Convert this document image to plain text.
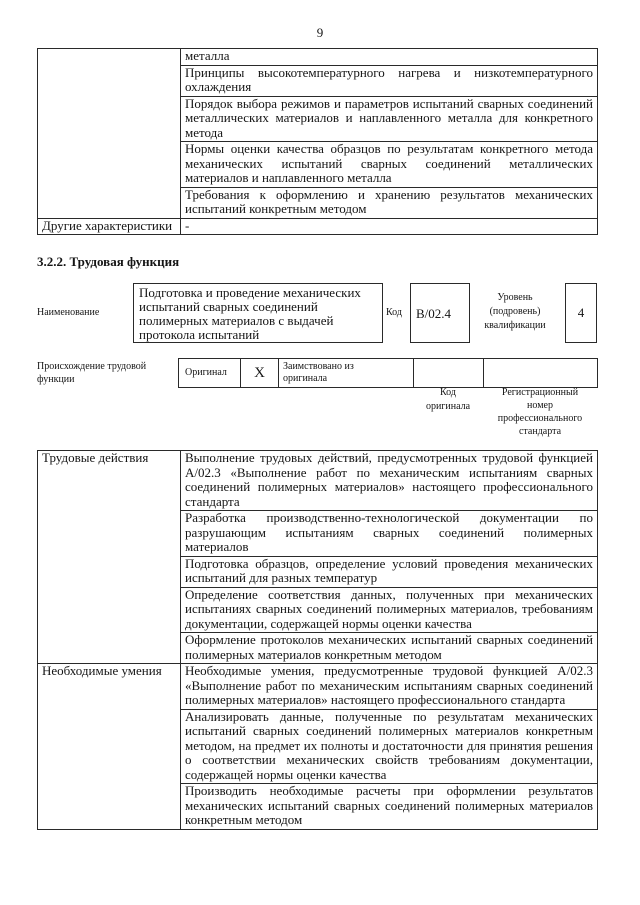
9
	металла
	Принципы высокотемпературного нагрева и низкотемпературного охлаждения
	Порядок выбора режимов и параметров испытаний сварных соединений металлических материалов и наплавленного металла для конкретного метода
	Нормы оценки качества образцов по результатам конкретного метода механических испытаний сварных соединений металлических материалов и наплавленного металла
	Требования к оформлению и хранению результатов механических испытаний конкретным методом
Другие характеристики	-
3.2.2. Трудовая функция
Наименование
Подготовка и проведение механических испытаний сварных соединений полимерных материалов с выдачей протокола испытаний
Код В/02.4
Уровень (подровень) квалификации
4
Происхождение трудовой функции
Оригинал	X	Заимствовано из оригинала

Код оригинала
Регистрационный номер профессионального стандарта
Трудовые действия	Выполнение трудовых действий, предусмотренных трудовой функцией А/02.3 «Выполнение работ по механическим испытаниям сварных соединений полимерных материалов» настоящего профессионального стандарта
	Разработка производственно-технологической документации по разрушающим испытаниям сварных соединений полимерных материалов
	Подготовка образцов, определение условий проведения механических испытаний для разных температур
	Определение соответствия данных, полученных при механических испытаниях сварных соединений полимерных материалов, требованиям документации, содержащей нормы оценки качества
	Оформление протоколов механических испытаний сварных соединений полимерных материалов конкретным методом
Необходимые умения	Необходимые умения, предусмотренные трудовой функцией А/02.3 «Выполнение работ по механическим испытаниям сварных соединений полимерных материалов» настоящего профессионального стандарта
	Анализировать данные, полученные по результатам механических испытаний сварных соединений полимерных материалов конкретным методом, на предмет их полноты и достаточности для принятия решения о соответствии механических свойств требованиям документации, содержащей нормы оценки качества
	Производить необходимые расчеты при оформлении результатов механических испытаний сварных соединений полимерных материалов конкретным методом
